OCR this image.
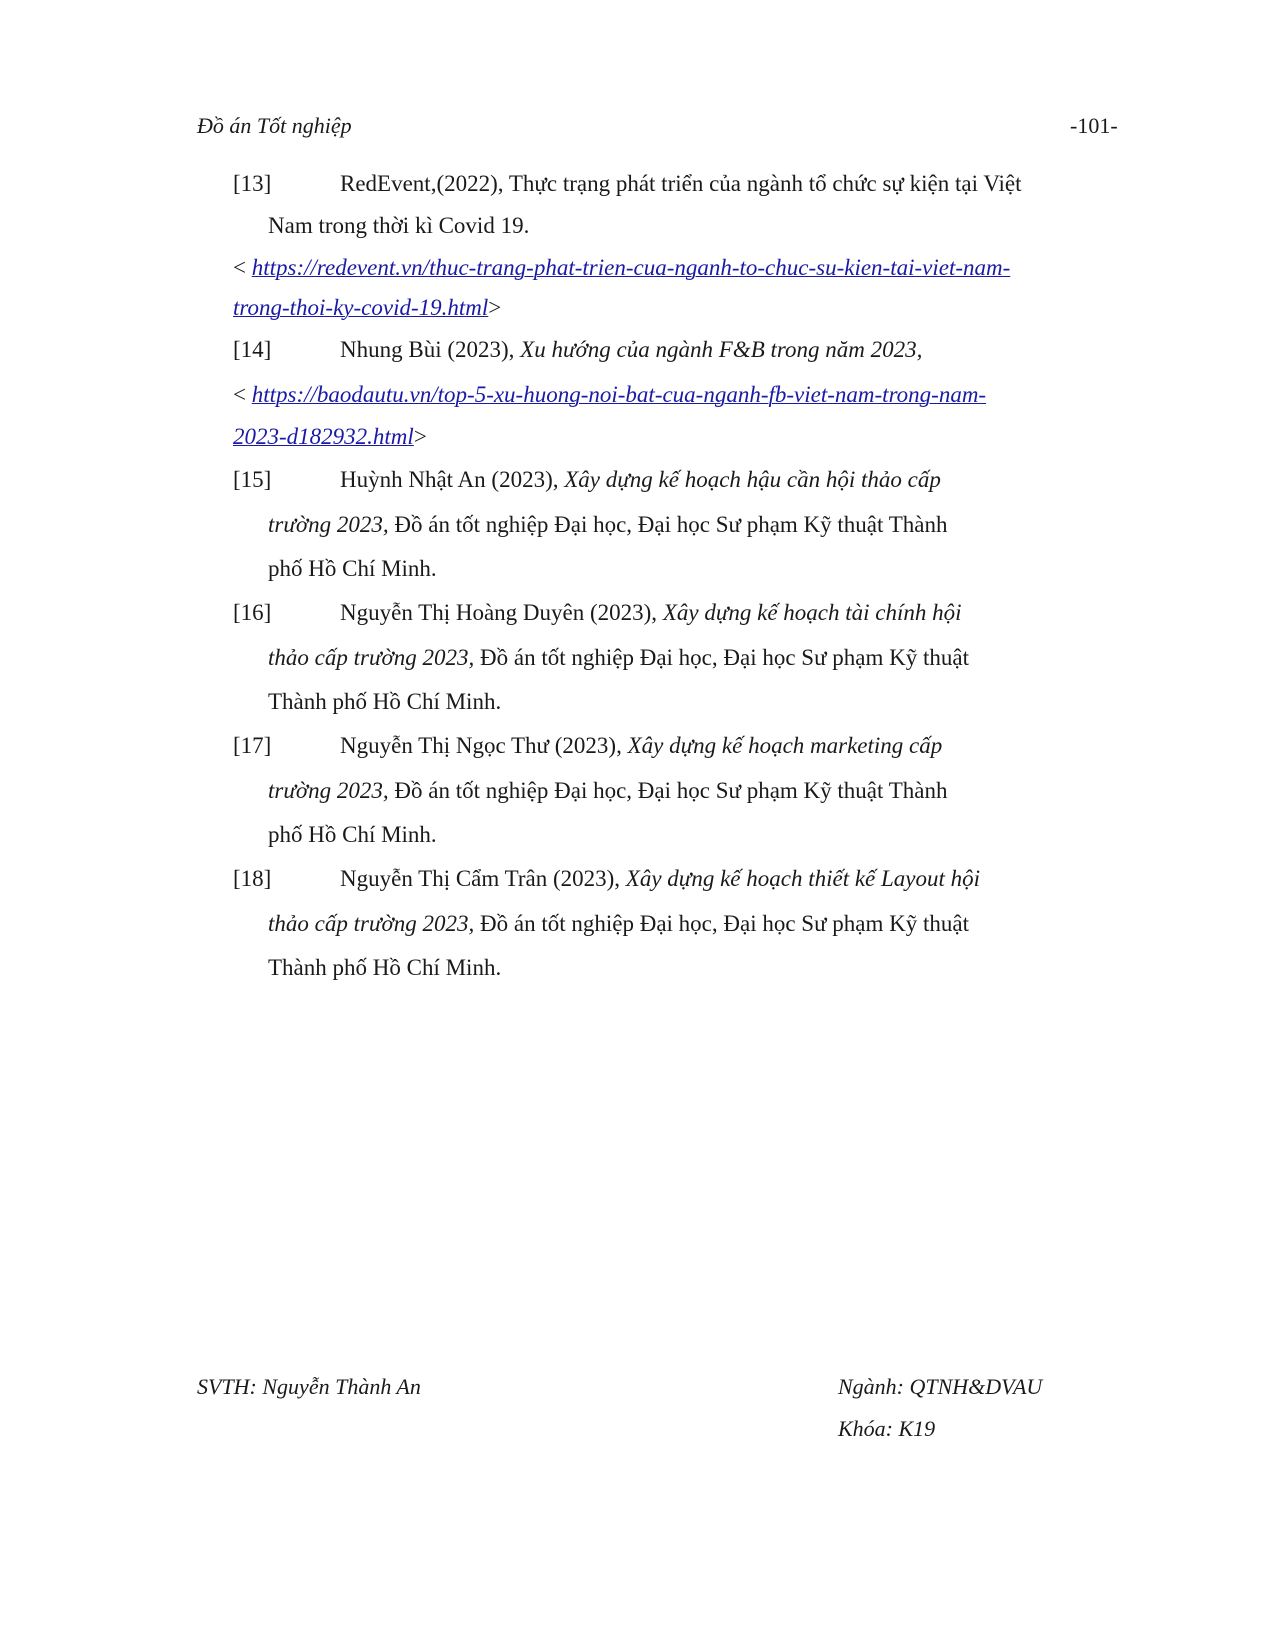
Đồ án Tốt nghiệp	-101-
[13]	RedEvent,(2022), Thực trạng phát triển của ngành tổ chức sự kiện tại Việt
Nam trong thời kì Covid 19.
< https://redevent.vn/thuc-trang-phat-trien-cua-nganh-to-chuc-su-kien-tai-viet-nam-
trong-thoi-ky-covid-19.html>
[14]	Nhung Bùi (2023), Xu hướng của ngành F&B trong năm 2023,
< https://baodautu.vn/top-5-xu-huong-noi-bat-cua-nganh-fb-viet-nam-trong-nam-
2023-d182932.html>
[15]	Huỳnh Nhật An (2023), Xây dựng kế hoạch hậu cần hội thảo cấp
trường 2023, Đồ án tốt nghiệp Đại học, Đại học Sư phạm Kỹ thuật Thành
phố Hồ Chí Minh.
[16]	Nguyễn Thị Hoàng Duyên (2023), Xây dựng kế hoạch tài chính hội
thảo cấp trường 2023, Đồ án tốt nghiệp Đại học, Đại học Sư phạm Kỹ thuật
Thành phố Hồ Chí Minh.
[17]	Nguyễn Thị Ngọc Thư (2023), Xây dựng kế hoạch marketing cấp
trường 2023, Đồ án tốt nghiệp Đại học, Đại học Sư phạm Kỹ thuật Thành
phố Hồ Chí Minh.
[18]	Nguyễn Thị Cẩm Trân (2023), Xây dựng kế hoạch thiết kế Layout hội
thảo cấp trường 2023, Đồ án tốt nghiệp Đại học, Đại học Sư phạm Kỹ thuật
Thành phố Hồ Chí Minh.
SVTH: Nguyễn Thành An	Ngành: QTNH&DVAU
Khóa: K19
